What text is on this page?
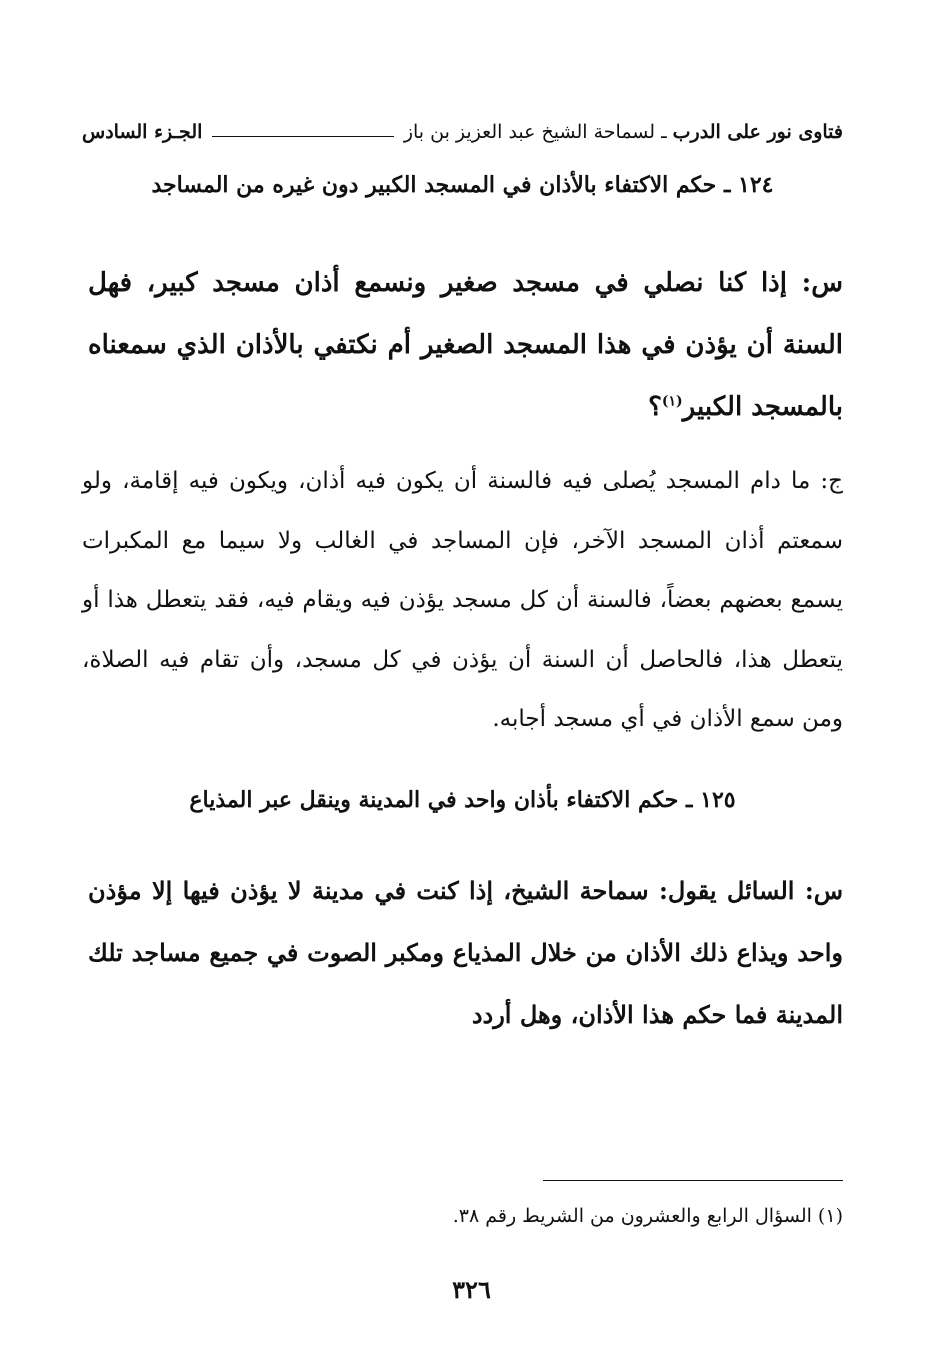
فتاوى نور على الدرب
ـ لسماحة الشيخ عبد العزيز بن باز
الجـزء السادس
١٢٤ ـ حكم الاكتفاء بالأذان في المسجد الكبير دون غيره من المساجد
س: إذا كنا نصلي في مسجد صغير ونسمع أذان مسجد كبير، فهل السنة أن يؤذن في هذا المسجد الصغير أم نكتفي بالأذان الذي سمعناه بالمسجد الكبير$^{(١)}$؟
ج: ما دام المسجد يُصلى فيه فالسنة أن يكون فيه أذان، ويكون فيه إقامة، ولو سمعتم أذان المسجد الآخر، فإن المساجد في الغالب ولا سيما مع المكبرات يسمع بعضهم بعضاً، فالسنة أن كل مسجد يؤذن فيه ويقام فيه، فقد يتعطل هذا أو يتعطل هذا، فالحاصل أن السنة أن يؤذن في كل مسجد، وأن تقام فيه الصلاة، ومن سمع الأذان في أي مسجد أجابه.
١٢٥ ـ حكم الاكتفاء بأذان واحد في المدينة وينقل عبر المذياع
س: السائل يقول: سماحة الشيخ، إذا كنت في مدينة لا يؤذن فيها إلا مؤذن واحد ويذاع ذلك الأذان من خلال المذياع ومكبر الصوت في جميع مساجد تلك المدينة فما حكم هذا الأذان، وهل أردد
(١) السؤال الرابع والعشرون من الشريط رقم ٣٨.
٣٢٦
